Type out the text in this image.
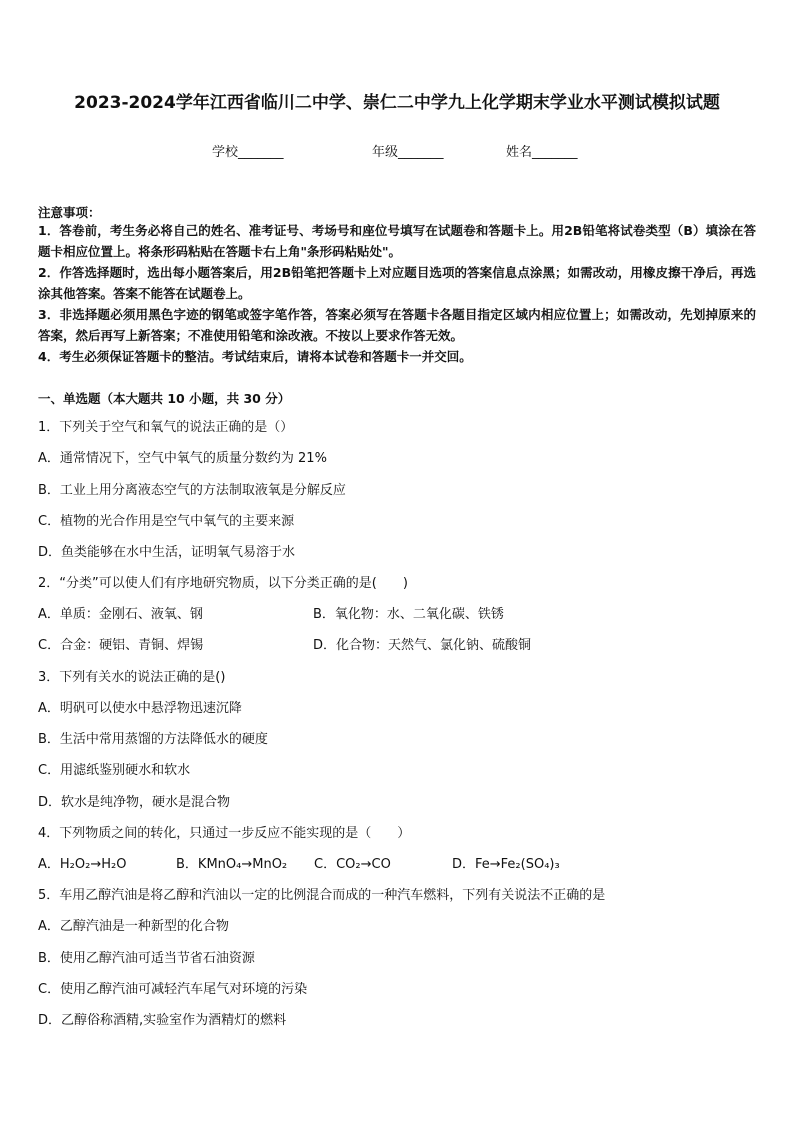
2023-2024学年江西省临川二中学、崇仁二中学九上化学期末学业水平测试模拟试题
学校_______	年级_______	姓名_______
注意事项：
1．答卷前，考生务必将自己的姓名、准考证号、考场号和座位号填写在试题卷和答题卡上。用2B铅笔将试卷类型（B）填涂在答题卡相应位置上。将条形码粘贴在答题卡右上角"条形码粘贴处"。
2．作答选择题时，选出每小题答案后，用2B铅笔把答题卡上对应题目选项的答案信息点涂黑；如需改动，用橡皮擦干净后，再选涂其他答案。答案不能答在试题卷上。
3．非选择题必须用黑色字迹的钢笔或签字笔作答，答案必须写在答题卡各题目指定区域内相应位置上；如需改动，先划掉原来的答案，然后再写上新答案；不准使用铅笔和涂改液。不按以上要求作答无效。
4．考生必须保证答题卡的整洁。考试结束后，请将本试卷和答题卡一并交回。
一、单选题（本大题共 10 小题，共 30 分）
1．下列关于空气和氧气的说法正确的是（）
A．通常情况下，空气中氧气的质量分数约为 21%
B．工业上用分离液态空气的方法制取液氧是分解反应
C．植物的光合作用是空气中氧气的主要来源
D．鱼类能够在水中生活，证明氧气易溶于水
2．“分类”可以使人们有序地研究物质，以下分类正确的是(　　)
A．单质：金刚石、液氧、钢	B．氧化物：水、二氧化碳、铁锈
C．合金：硬铝、青铜、焊锡	D．化合物：天然气、氯化钠、硫酸铜
3．下列有关水的说法正确的是()
A．明矾可以使水中悬浮物迅速沉降
B．生活中常用蒸馏的方法降低水的硬度
C．用滤纸鉴别硬水和软水
D．软水是纯净物，硬水是混合物
4．下列物质之间的转化，只通过一步反应不能实现的是（　　）
A．H₂O₂→H₂O	B．KMnO₄→MnO₂ C．CO₂→CO	D．Fe→Fe₂(SO₄)₃
5．车用乙醇汽油是将乙醇和汽油以一定的比例混合而成的一种汽车燃料，下列有关说法不正确的是
A．乙醇汽油是一种新型的化合物
B．使用乙醇汽油可适当节省石油资源
C．使用乙醇汽油可减轻汽车尾气对环境的污染
D．乙醇俗称酒精,实验室作为酒精灯的燃料
